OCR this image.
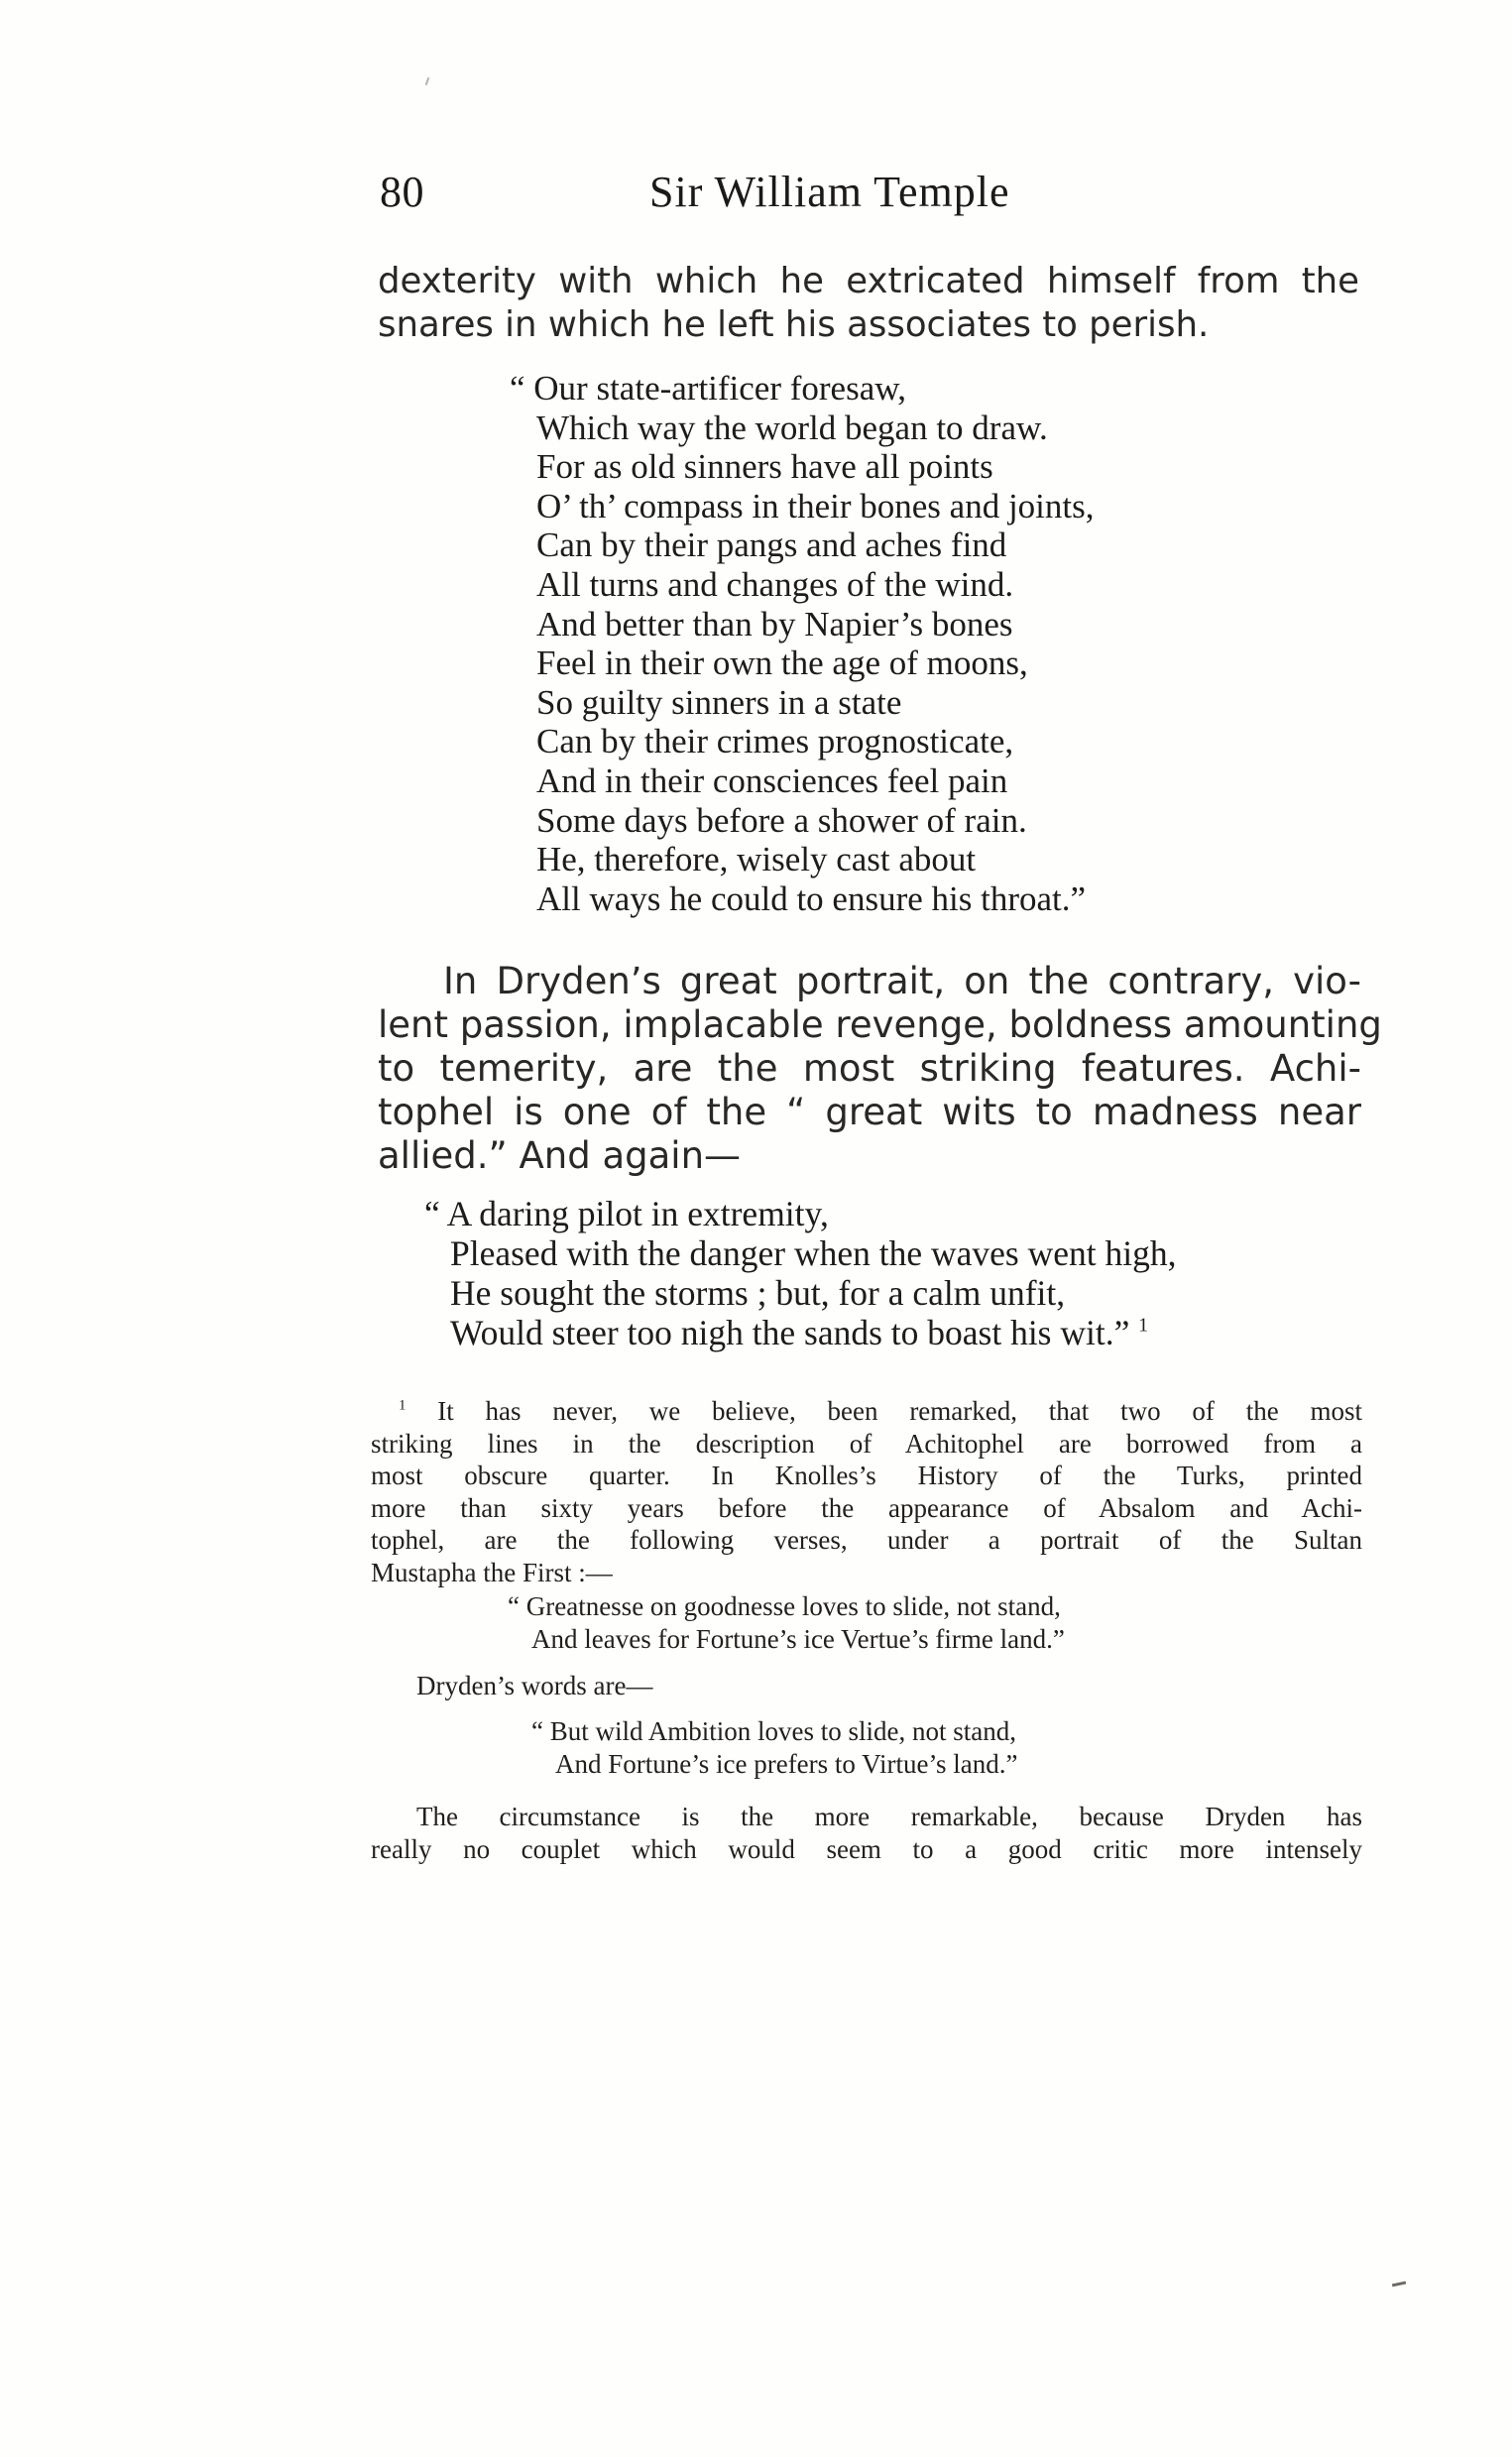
80	Sir William Temple

dexterity with which he extricated himself from the
snares in which he left his associates to perish.

“ Our state-artificer foresaw,
Which way the world began to draw.
For as old sinners have all points
O’ th’ compass in their bones and joints,
Can by their pangs and aches find
All turns and changes of the wind.
And better than by Napier’s bones
Feel in their own the age of moons,
So guilty sinners in a state
Can by their crimes prognosticate,
And in their consciences feel pain
Some days before a shower of rain.
He, therefore, wisely cast about
All ways he could to ensure his throat.”

In Dryden’s great portrait, on the contrary, vio-
lent passion, implacable revenge, boldness amounting
to temerity, are the most striking features. Achi-
tophel is one of the “ great wits to madness near
allied.” And again—

“ A daring pilot in extremity,
Pleased with the danger when the waves went high,
He sought the storms ; but, for a calm unfit,
Would steer too nigh the sands to boast his wit.” $^1$

$^1$ It has never, we believe, been remarked, that two of the most
striking lines in the description of Achitophel are borrowed from a
most obscure quarter. In Knolles’s History of the Turks, printed
more than sixty years before the appearance of Absalom and Achi-
tophel, are the following verses, under a portrait of the Sultan
Mustapha the First :—

“ Greatnesse on goodnesse loves to slide, not stand,
And leaves for Fortune’s ice Vertue’s firme land.”

Dryden’s words are—

“ But wild Ambition loves to slide, not stand,
And Fortune’s ice prefers to Virtue’s land.”

The circumstance is the more remarkable, because Dryden has
really no couplet which would seem to a good critic more intensely
